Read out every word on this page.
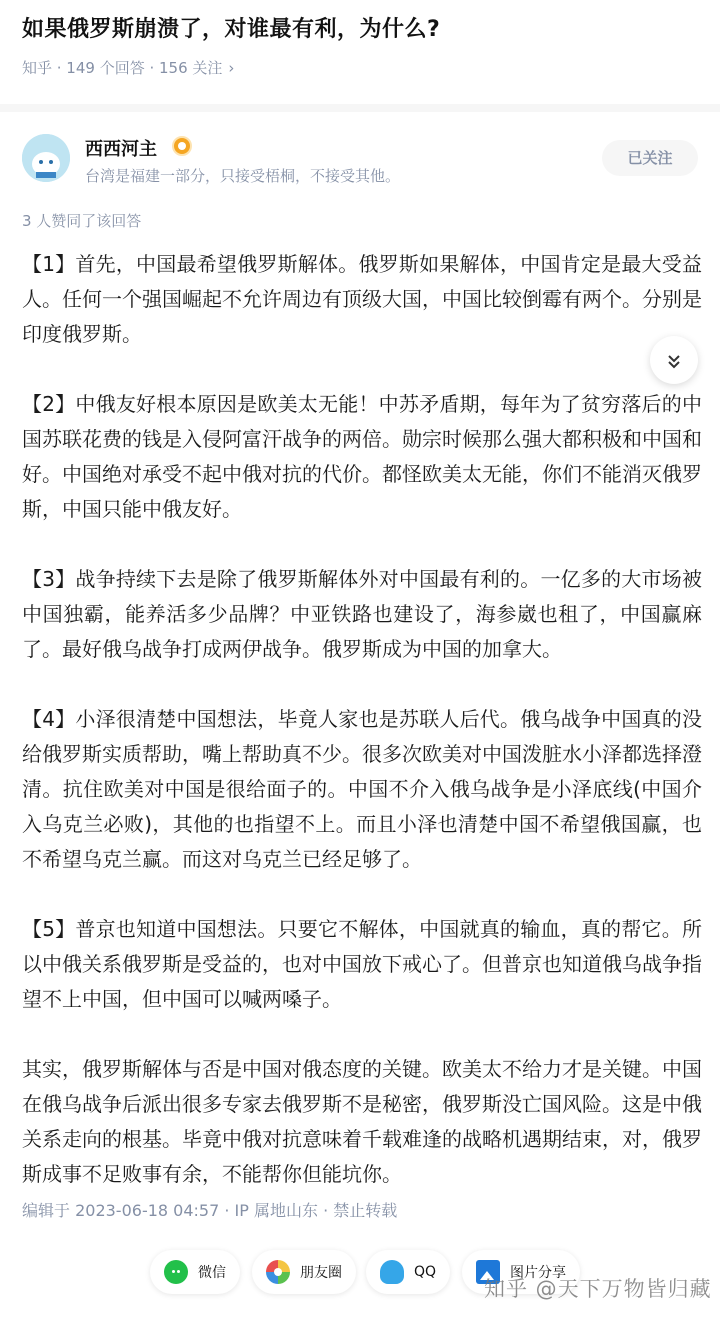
如果俄罗斯崩溃了，对谁最有利，为什么?
知乎 · 149 个回答 · 156 关注 ›
西西河主
台湾是福建一部分，只接受梧桐，不接受其他。
已关注
3 人赞同了该回答

【1】首先，中国最希望俄罗斯解体。俄罗斯如果解体，中国肯定是最大受益人。任何一个强国崛起不允许周边有顶级大国，中国比较倒霉有两个。分别是印度俄罗斯。

【2】中俄友好根本原因是欧美太无能！中苏矛盾期，每年为了贫穷落后的中国苏联花费的钱是入侵阿富汗战争的两倍。勋宗时候那么强大都积极和中国和好。中国绝对承受不起中俄对抗的代价。都怪欧美太无能，你们不能消灭俄罗斯，中国只能中俄友好。

【3】战争持续下去是除了俄罗斯解体外对中国最有利的。一亿多的大市场被中国独霸，能养活多少品牌？中亚铁路也建设了，海参崴也租了，中国赢麻了。最好俄乌战争打成两伊战争。俄罗斯成为中国的加拿大。

【4】小泽很清楚中国想法，毕竟人家也是苏联人后代。俄乌战争中国真的没给俄罗斯实质帮助，嘴上帮助真不少。很多次欧美对中国泼脏水小泽都选择澄清。抗住欧美对中国是很给面子的。中国不介入俄乌战争是小泽底线(中国介入乌克兰必败)，其他的也指望不上。而且小泽也清楚中国不希望俄国赢，也不希望乌克兰赢。而这对乌克兰已经足够了。

【5】普京也知道中国想法。只要它不解体，中国就真的输血，真的帮它。所以中俄关系俄罗斯是受益的，也对中国放下戒心了。但普京也知道俄乌战争指望不上中国，但中国可以喊两嗓子。

其实，俄罗斯解体与否是中国对俄态度的关键。欧美太不给力才是关键。中国在俄乌战争后派出很多专家去俄罗斯不是秘密，俄罗斯没亡国风险。这是中俄关系走向的根基。毕竟中俄对抗意味着千载难逢的战略机遇期结束，对，俄罗斯成事不足败事有余，不能帮你但能坑你。

编辑于 2023-06-18 04:57 · IP 属地山东 · 禁止转载
微信	朋友圈	QQ	图片分享
知乎 @天下万物皆归藏
